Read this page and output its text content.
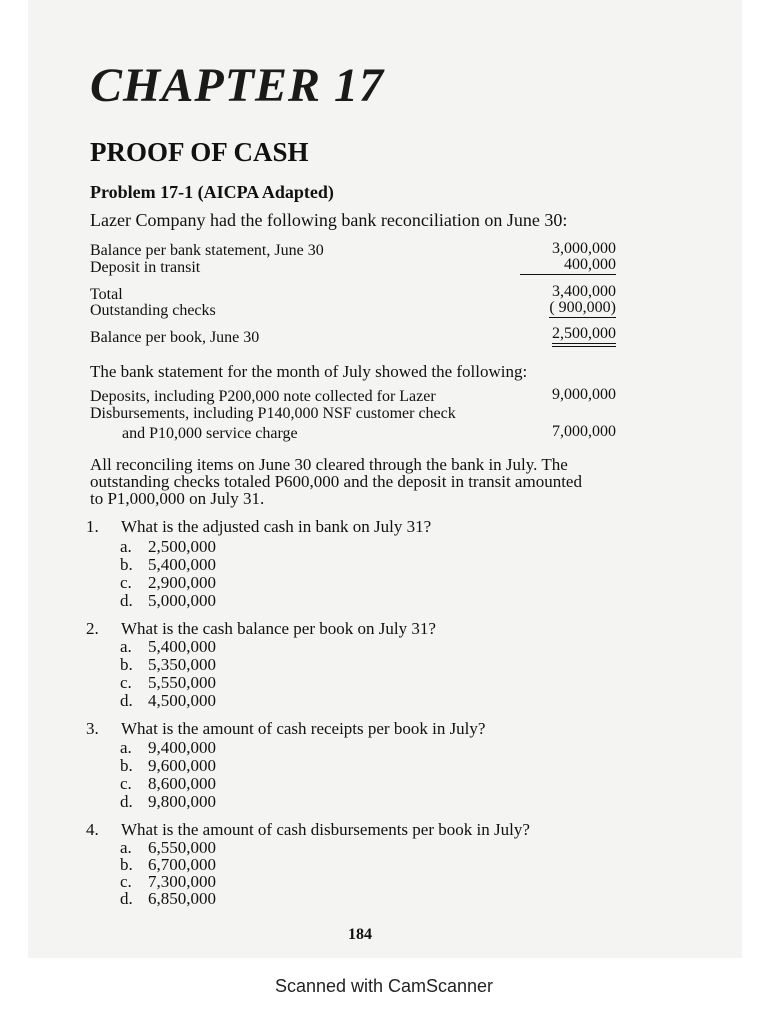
CHAPTER 17
PROOF OF CASH
Problem 17-1 (AICPA Adapted)
Lazer Company had the following bank reconciliation on June 30:
Balance per bank statement, June 30	3,000,000
Deposit in transit	400,000
Total	3,400,000
Outstanding checks	( 900,000)
Balance per book, June 30	2,500,000
The bank statement for the month of July showed the following:
Deposits, including P200,000 note collected for Lazer	9,000,000
Disbursements, including P140,000 NSF customer check
and P10,000 service charge	7,000,000
All reconciling items on June 30 cleared through the bank in July. The
outstanding checks totaled P600,000 and the deposit in transit amounted
to P1,000,000 on July 31.
1. What is the adjusted cash in bank on July 31?
a. 2,500,000
b. 5,400,000
c. 2,900,000
d. 5,000,000
2. What is the cash balance per book on July 31?
a. 5,400,000
b. 5,350,000
c. 5,550,000
d. 4,500,000
3. What is the amount of cash receipts per book in July?
a. 9,400,000
b. 9,600,000
c. 8,600,000
d. 9,800,000
4. What is the amount of cash disbursements per book in July?
a. 6,550,000
b. 6,700,000
c. 7,300,000
d. 6,850,000
184
Scanned with CamScanner
